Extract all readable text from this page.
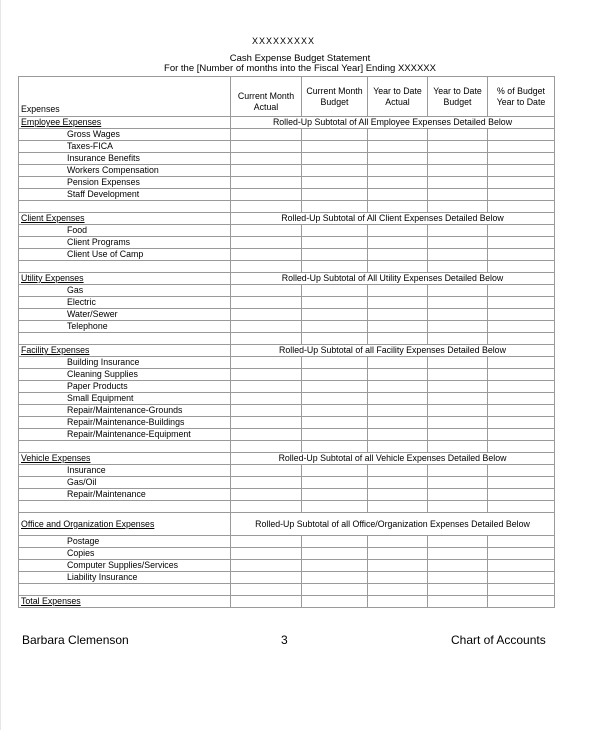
XXXXXXXXX
Cash Expense Budget Statement
For the [Number of months into the Fiscal Year] Ending XXXXXX
Expenses	Current Month Actual	Current Month Budget	Year to Date Actual	Year to Date Budget	% of Budget Year to Date
Employee Expenses	Rolled-Up Subtotal of All Employee Expenses Detailed Below				
Gross Wages					
Taxes-FICA					
Insurance Benefits					
Workers Compensation					
Pension Expenses					
Staff Development					

Client Expenses	Rolled-Up Subtotal of All Client Expenses Detailed Below				
Food					
Client Programs					
Client Use of Camp					

Utility Expenses	Rolled-Up Subtotal of All Utility Expenses Detailed Below				
Gas					
Electric					
Water/Sewer					
Telephone					

Facility Expenses	Rolled-Up Subtotal of all Facility Expenses Detailed Below				
Building Insurance					
Cleaning Supplies					
Paper Products					
Small Equipment					
Repair/Maintenance-Grounds					
Repair/Maintenance-Buildings					
Repair/Maintenance-Equipment					

Vehicle Expenses	Rolled-Up Subtotal of all Vehicle Expenses Detailed Below				
Insurance					
Gas/Oil					
Repair/Maintenance					

Office and Organization Expenses	Rolled-Up Subtotal of all Office/Organization Expenses Detailed Below				
Postage					
Copies					
Computer Supplies/Services					
Liability Insurance					

Total Expenses					
Barbara Clemenson	3	Chart of Accounts
